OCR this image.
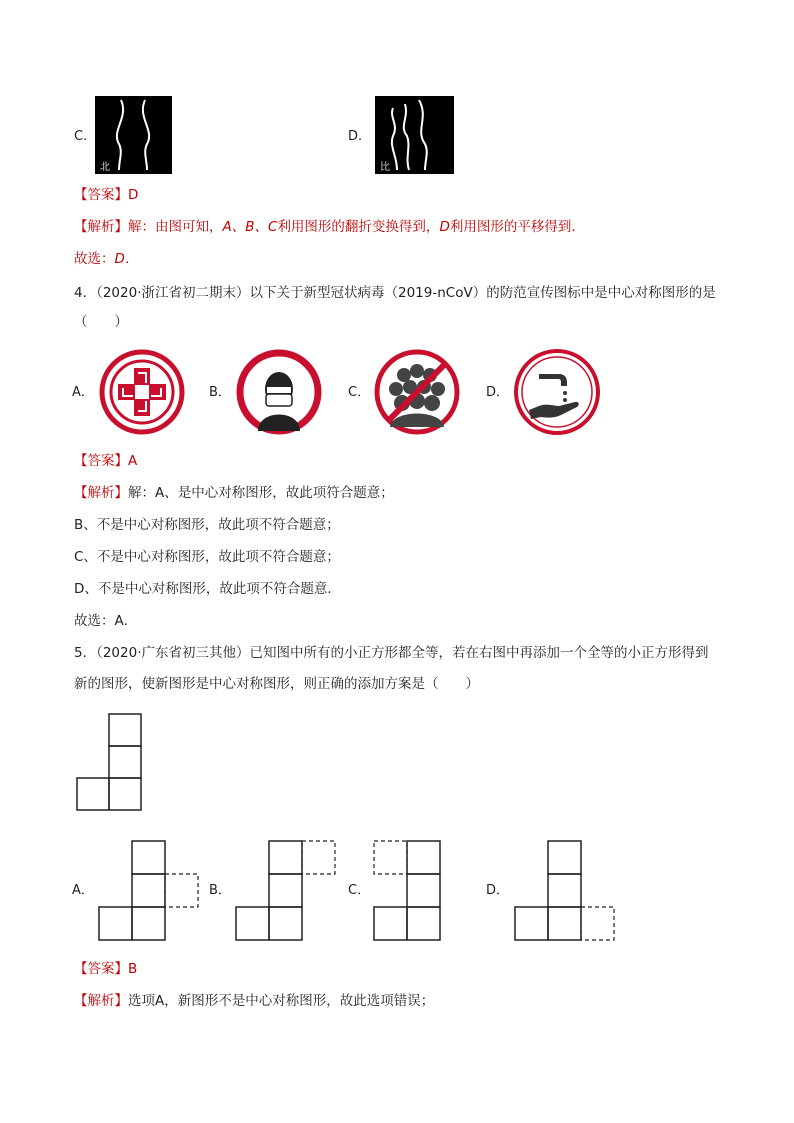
C.
北
D.
比
【答案】D
【解析】解：由图可知，A、B、C利用图形的翻折变换得到，D利用图形的平移得到．
故选：D．
4．（2020·浙江省初二期末）以下关于新型冠状病毒（2019-nCoV）的防范宣传图标中是中心对称图形的是
（　　）
A．	B．	C．	D．
【答案】A
【解析】解：A、是中心对称图形，故此项符合题意；
B、不是中心对称图形，故此项不符合题意；
C、不是中心对称图形，故此项不符合题意；
D、不是中心对称图形，故此项不符合题意．
故选：A．
5．（2020·广东省初三其他）已知图中所有的小正方形都全等，若在右图中再添加一个全等的小正方形得到
新的图形，使新图形是中心对称图形，则正确的添加方案是（　　）
A．	B．	C．	D．
【答案】B
【解析】选项A，新图形不是中心对称图形，故此选项错误；
